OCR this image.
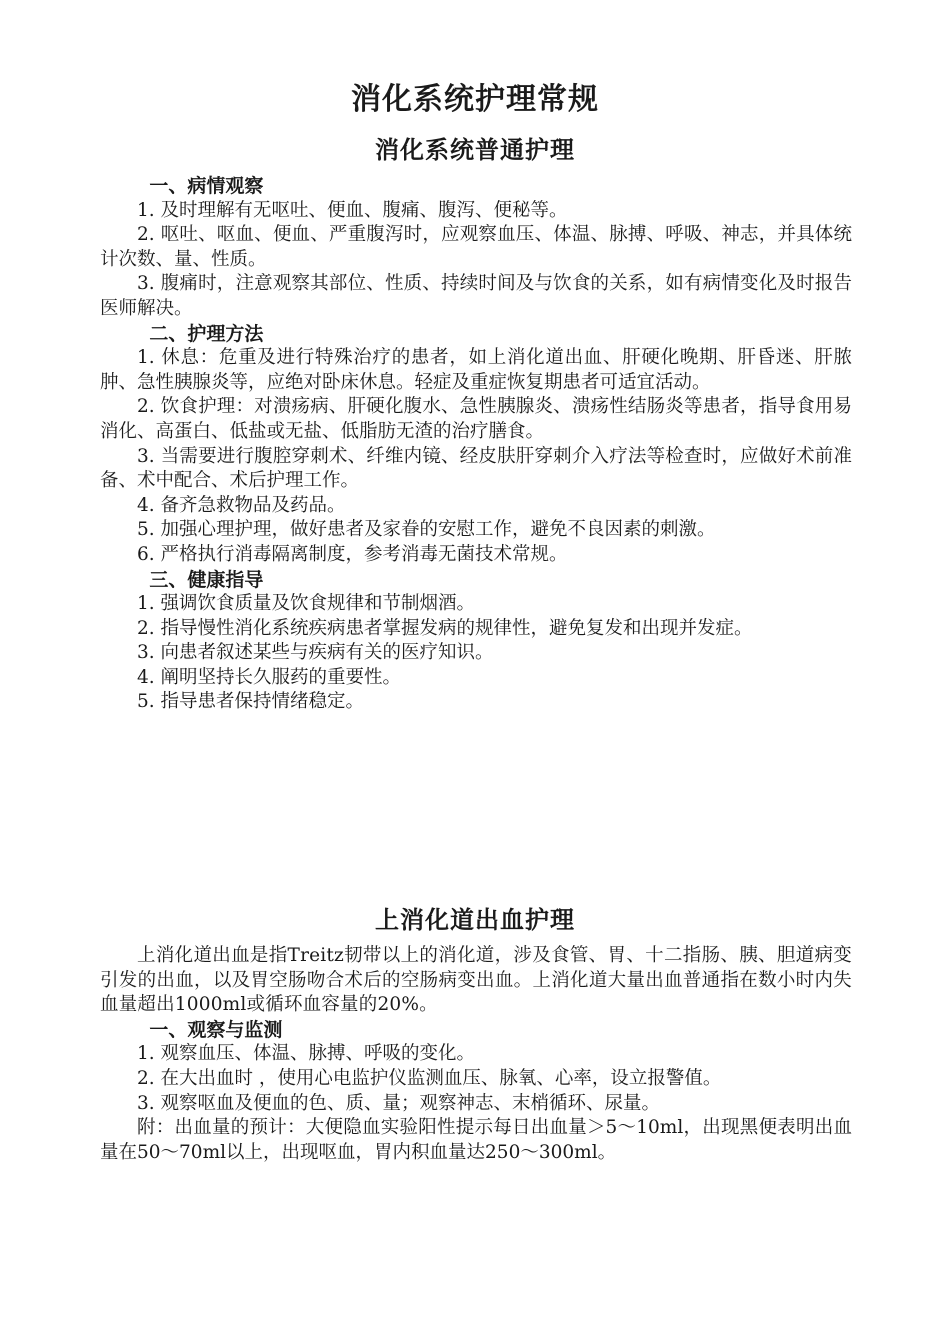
消化系统护理常规
消化系统普通护理

一、病情观察

1. 及时理解有无呕吐、便血、腹痛、腹泻、便秘等。

2. 呕吐、呕血、便血、严重腹泻时，应观察血压、体温、脉搏、呼吸、神志，并具体统计次数、量、性质。

3. 腹痛时，注意观察其部位、性质、持续时间及与饮食的关系，如有病情变化及时报告医师解决。

二、护理方法

1. 休息：危重及进行特殊治疗的患者，如上消化道出血、肝硬化晚期、肝昏迷、肝脓肿、急性胰腺炎等，应绝对卧床休息。轻症及重症恢复期患者可适宜活动。

2. 饮食护理：对溃疡病、肝硬化腹水、急性胰腺炎、溃疡性结肠炎等患者，指导食用易消化、高蛋白、低盐或无盐、低脂肪无渣的治疗膳食。

3. 当需要进行腹腔穿刺术、纤维内镜、经皮肤肝穿刺介入疗法等检查时，应做好术前准备、术中配合、术后护理工作。

4. 备齐急救物品及药品。

5. 加强心理护理，做好患者及家眷的安慰工作，避免不良因素的刺激。

6. 严格执行消毒隔离制度，参考消毒无菌技术常规。

三、健康指导

1. 强调饮食质量及饮食规律和节制烟酒。

2. 指导慢性消化系统疾病患者掌握发病的规律性，避免复发和出现并发症。

3. 向患者叙述某些与疾病有关的医疗知识。

4. 阐明坚持长久服药的重要性。

5. 指导患者保持情绪稳定。

上消化道出血护理

上消化道出血是指Treitz韧带以上的消化道，涉及食管、胃、十二指肠、胰、胆道病变引发的出血，以及胃空肠吻合术后的空肠病变出血。上消化道大量出血普通指在数小时内失血量超出1000ml或循环血容量的20%。

一、观察与监测

1. 观察血压、体温、脉搏、呼吸的变化。

2. 在大出血时 ，使用心电监护仪监测血压、脉氧、心率，设立报警值。

3. 观察呕血及便血的色、质、量；观察神志、末梢循环、尿量。

附：出血量的预计：大便隐血实验阳性提示每日出血量＞5～10ml，出现黑便表明出血量在50～70ml以上，出现呕血，胃内积血量达250～300ml。
